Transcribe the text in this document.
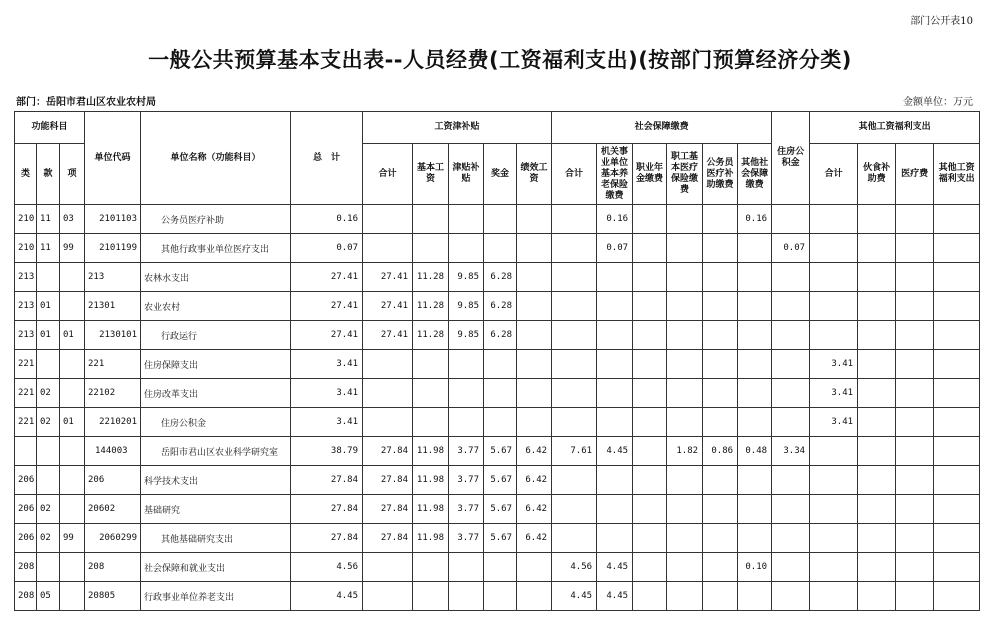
部门公开表10
一般公共预算基本支出表--人员经费(工资福利支出)(按部门预算经济分类)
部门：岳阳市君山区农业农村局	金额单位：万元
功能科目			单位代码	单位名称（功能科目）	总　计	工资津补贴					社会保障缴费						住房公积金	其他工资福利支出				
类	款	项				合计	基本工资	津贴补贴	奖金	绩效工资	合计	机关事业单位基本养老保险缴费	职业年金缴费	职工基本医疗保险缴费	公务员医疗补助缴费	其他社会保障缴费		合计	伙食补助费	医疗费	其他工资福利支出	
210	11	03	2101103	公务员医疗补助	0.16							0.16				0.16						
210	11	99	2101199	其他行政事业单位医疗支出	0.07							0.07					0.07					
213			213	农林水支出	27.41	27.41	11.28	9.85	6.28													
213	01		21301	农业农村	27.41	27.41	11.28	9.85	6.28													
213	01	01	2130101	行政运行	27.41	27.41	11.28	9.85	6.28													
221			221	住房保障支出	3.41													3.41				
221	02		22102	住房改革支出	3.41													3.41				
221	02	01	2210201	住房公积金	3.41													3.41				
			144003	岳阳市君山区农业科学研究室	38.79	27.84	11.98	3.77	5.67	6.42	7.61	4.45		1.82	0.86	0.48	3.34					
206			206	科学技术支出	27.84	27.84	11.98	3.77	5.67	6.42												
206	02		20602	基础研究	27.84	27.84	11.98	3.77	5.67	6.42												
206	02	99	2060299	其他基础研究支出	27.84	27.84	11.98	3.77	5.67	6.42												
208			208	社会保障和就业支出	4.56						4.56	4.45				0.10						
208	05		20805	行政事业单位养老支出	4.45						4.45	4.45										
